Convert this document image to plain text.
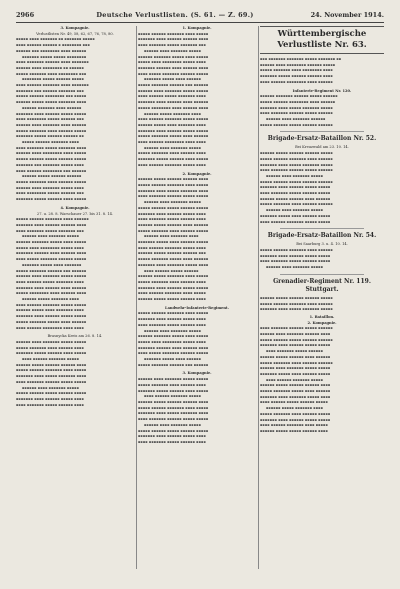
2966	Deutsche Verlustlisten. (S. 61. — Z. 69.)	24. November 1914.
3. Kompagnie.
Verlustlisten Nr. 49, 58, 62, 67, 76, 78, 80.
▪▪▪▪▪ ▪▪▪▪ ▪▪▪▪▪▪▪ ▪▪ ▪▪▪▪▪▪▪ ▪▪▪▪▪
▪▪▪▪ ▪▪▪▪▪▪ ▪▪▪▪▪▪ ▪ ▪▪▪▪▪▪▪▪ ▪▪▪
▪▪▪▪▪▪ ▪▪▪ ▪▪▪▪▪▪▪▪ ▪▪▪▪ ▪▪▪▪▪▪
▪▪▪▪▪▪▪ ▪▪▪▪▪ ▪▪▪▪▪ ▪▪▪▪▪▪▪▪
▪▪▪▪ ▪▪▪▪▪▪▪ ▪▪▪▪▪▪ ▪▪▪▪ ▪▪▪▪▪▪▪
▪▪▪▪▪▪ ▪▪▪▪ ▪▪▪▪▪▪▪▪ ▪▪ ▪▪▪▪▪▪
▪▪▪▪▪ ▪▪▪▪▪▪▪ ▪▪▪▪ ▪▪▪▪▪▪▪▪ ▪▪▪
▪▪▪▪▪▪▪▪ ▪▪▪▪▪ ▪▪▪▪▪▪ ▪▪▪▪▪
▪▪▪▪ ▪▪▪▪▪▪ ▪▪▪▪▪▪▪ ▪▪▪▪ ▪▪▪▪▪▪▪
▪▪▪▪▪▪▪ ▪▪▪ ▪▪▪▪▪▪ ▪▪▪▪▪▪▪ ▪▪▪
▪▪▪▪▪ ▪▪▪▪▪▪ ▪▪▪▪▪▪▪▪ ▪▪▪ ▪▪▪▪▪
▪▪▪▪▪▪ ▪▪▪▪▪ ▪▪▪▪▪ ▪▪▪▪▪▪▪ ▪▪▪▪
▪▪▪▪▪▪ ▪▪▪▪▪▪▪ ▪▪▪▪ ▪▪▪▪▪▪
▪▪▪▪▪▪▪ ▪▪▪▪ ▪▪▪▪▪▪ ▪▪▪▪▪ ▪▪▪▪▪
▪▪▪▪ ▪▪▪▪▪▪▪▪ ▪▪▪▪▪ ▪▪▪▪▪▪ ▪▪▪
▪▪▪▪▪▪ ▪▪▪▪ ▪▪▪▪▪▪▪ ▪▪▪▪ ▪▪▪▪▪▪
▪▪▪▪▪ ▪▪▪▪▪▪▪ ▪▪▪▪ ▪▪▪▪▪▪ ▪▪▪▪▪
▪▪▪▪▪▪▪ ▪▪▪▪▪ ▪▪▪▪▪▪ ▪▪▪▪▪▪ ▪▪
▪▪▪▪▪ ▪▪▪▪▪▪ ▪▪▪▪▪▪▪ ▪▪▪▪
▪▪▪▪ ▪▪▪▪▪▪▪ ▪▪▪▪▪ ▪▪▪▪▪▪▪ ▪▪▪▪
▪▪▪▪▪▪ ▪▪▪▪ ▪▪▪▪▪▪▪▪ ▪▪▪▪ ▪▪▪▪▪
▪▪▪▪▪ ▪▪▪▪▪▪ ▪▪▪▪▪ ▪▪▪▪▪▪ ▪▪▪▪▪
▪▪▪▪▪▪▪ ▪▪▪ ▪▪▪▪▪▪▪ ▪▪▪▪▪ ▪▪▪▪
▪▪▪▪ ▪▪▪▪▪▪ ▪▪▪▪▪▪▪▪ ▪▪▪ ▪▪▪▪▪▪
▪▪▪▪▪▪ ▪▪▪▪▪ ▪▪▪▪▪▪ ▪▪▪▪▪▪
▪▪▪▪▪ ▪▪▪▪▪▪▪ ▪▪▪▪ ▪▪▪▪▪▪ ▪▪▪▪▪
▪▪▪▪▪▪ ▪▪▪▪ ▪▪▪▪▪▪▪ ▪▪▪▪▪ ▪▪▪▪
▪▪▪▪ ▪▪▪▪▪▪▪▪ ▪▪▪▪▪ ▪▪▪▪▪▪ ▪▪▪
▪▪▪▪▪▪▪ ▪▪▪▪▪ ▪▪▪▪▪▪ ▪▪▪▪ ▪▪▪▪▪
4. Kompagnie.
27. u. 28. 8. Warschauer 27. bis 31. 8. 14.
▪▪▪▪▪ ▪▪▪▪▪▪ ▪▪▪▪▪▪▪ ▪▪▪▪ ▪▪▪▪▪▪
▪▪▪▪▪▪▪ ▪▪▪▪ ▪▪▪▪▪▪ ▪▪▪▪▪▪ ▪▪▪▪
▪▪▪▪ ▪▪▪▪▪▪▪ ▪▪▪▪▪ ▪▪▪▪▪▪▪ ▪▪▪
▪▪▪▪▪▪ ▪▪▪▪ ▪▪▪▪▪▪▪ ▪▪▪▪▪
▪▪▪▪▪▪ ▪▪▪▪▪▪▪ ▪▪▪▪▪ ▪▪▪▪ ▪▪▪▪▪
▪▪▪▪▪ ▪▪▪▪ ▪▪▪▪▪▪▪▪ ▪▪▪▪▪ ▪▪▪▪
▪▪▪▪▪▪▪ ▪▪▪▪▪▪ ▪▪▪▪ ▪▪▪▪▪▪ ▪▪▪▪
▪▪▪▪ ▪▪▪▪▪ ▪▪▪▪▪▪▪ ▪▪▪▪▪▪ ▪▪▪▪▪
▪▪▪▪▪▪▪ ▪▪▪▪▪ ▪▪▪▪ ▪▪▪▪▪▪▪
▪▪▪▪▪ ▪▪▪▪▪▪▪ ▪▪▪▪▪▪ ▪▪▪ ▪▪▪▪▪▪
▪▪▪▪▪▪ ▪▪▪▪ ▪▪▪▪▪▪▪ ▪▪▪▪▪ ▪▪▪▪▪
▪▪▪▪ ▪▪▪▪▪▪ ▪▪▪▪▪ ▪▪▪▪▪▪▪ ▪▪▪▪
▪▪▪▪▪▪▪ ▪▪▪▪ ▪▪▪▪▪▪ ▪▪▪▪ ▪▪▪▪▪▪
▪▪▪▪▪ ▪▪▪▪▪▪▪▪ ▪▪▪▪ ▪▪▪▪▪▪ ▪▪▪▪
▪▪▪▪▪▪ ▪▪▪▪▪ ▪▪▪▪▪▪▪ ▪▪▪▪
▪▪▪▪ ▪▪▪▪▪▪ ▪▪▪▪▪▪▪ ▪▪▪▪▪ ▪▪▪▪▪
▪▪▪▪▪▪ ▪▪▪▪▪ ▪▪▪▪ ▪▪▪▪▪▪▪ ▪▪▪▪
▪▪▪▪▪▪▪ ▪▪▪▪ ▪▪▪▪▪▪ ▪▪▪▪▪ ▪▪▪▪▪
▪▪▪▪▪ ▪▪▪▪▪▪▪ ▪▪▪▪▪ ▪▪▪▪ ▪▪▪▪▪▪
▪▪▪▪ ▪▪▪▪▪▪ ▪▪▪▪▪▪▪▪ ▪▪▪▪ ▪▪▪▪
Brasnycka Kreis am 26. 8. 14.
▪▪▪▪▪▪ ▪▪▪▪ ▪▪▪▪▪▪▪ ▪▪▪▪▪ ▪▪▪▪▪
▪▪▪▪▪ ▪▪▪▪▪▪▪ ▪▪▪▪ ▪▪▪▪▪▪ ▪▪▪▪
▪▪▪▪▪▪▪ ▪▪▪▪▪ ▪▪▪▪▪▪ ▪▪▪▪ ▪▪▪▪▪
▪▪▪▪ ▪▪▪▪▪▪ ▪▪▪▪▪▪▪ ▪▪▪▪▪
▪▪▪▪▪▪ ▪▪▪▪▪ ▪▪▪▪▪▪ ▪▪▪▪▪▪ ▪▪▪▪
▪▪▪▪▪ ▪▪▪▪▪▪ ▪▪▪▪▪▪▪ ▪▪▪▪ ▪▪▪▪▪
▪▪▪▪▪▪▪ ▪▪▪▪ ▪▪▪▪▪ ▪▪▪▪▪▪▪ ▪▪▪▪
▪▪▪▪ ▪▪▪▪▪▪▪ ▪▪▪▪▪▪ ▪▪▪▪▪ ▪▪▪▪▪
▪▪▪▪▪▪ ▪▪▪▪ ▪▪▪▪▪▪▪ ▪▪▪▪▪
▪▪▪▪▪ ▪▪▪▪▪▪ ▪▪▪▪▪ ▪▪▪▪▪▪ ▪▪▪▪▪
▪▪▪▪▪▪▪ ▪▪▪▪ ▪▪▪▪▪▪ ▪▪▪▪▪ ▪▪▪▪
▪▪▪▪ ▪▪▪▪▪▪▪ ▪▪▪▪▪ ▪▪▪▪▪▪ ▪▪▪▪
1. Kompagnie.
▪▪▪▪▪ ▪▪▪▪▪▪ ▪▪▪▪▪▪▪ ▪▪▪▪ ▪▪▪▪▪
▪▪▪▪▪▪▪ ▪▪▪▪ ▪▪▪▪▪▪ ▪▪▪▪▪▪ ▪▪▪▪
▪▪▪▪ ▪▪▪▪▪▪▪ ▪▪▪▪▪ ▪▪▪▪▪▪▪ ▪▪▪
▪▪▪▪▪▪ ▪▪▪▪ ▪▪▪▪▪▪▪ ▪▪▪▪▪
▪▪▪▪▪▪ ▪▪▪▪▪▪▪ ▪▪▪▪▪ ▪▪▪▪ ▪▪▪▪▪
▪▪▪▪▪ ▪▪▪▪ ▪▪▪▪▪▪▪▪ ▪▪▪▪▪ ▪▪▪▪
▪▪▪▪▪▪▪ ▪▪▪▪▪▪ ▪▪▪▪ ▪▪▪▪▪▪ ▪▪▪▪
▪▪▪▪ ▪▪▪▪▪ ▪▪▪▪▪▪▪ ▪▪▪▪▪▪ ▪▪▪▪▪
▪▪▪▪▪▪▪ ▪▪▪▪▪ ▪▪▪▪ ▪▪▪▪▪▪
▪▪▪▪▪ ▪▪▪▪▪▪▪ ▪▪▪▪▪▪ ▪▪▪ ▪▪▪▪▪▪
▪▪▪▪▪▪ ▪▪▪▪ ▪▪▪▪▪▪▪ ▪▪▪▪▪ ▪▪▪▪▪
▪▪▪▪ ▪▪▪▪▪▪ ▪▪▪▪▪ ▪▪▪▪▪▪▪ ▪▪▪▪
▪▪▪▪▪▪▪ ▪▪▪▪ ▪▪▪▪▪▪ ▪▪▪▪ ▪▪▪▪▪▪
▪▪▪▪▪ ▪▪▪▪▪▪▪▪ ▪▪▪▪ ▪▪▪▪▪▪ ▪▪▪▪
▪▪▪▪▪▪ ▪▪▪▪▪ ▪▪▪▪▪▪▪ ▪▪▪▪
▪▪▪▪ ▪▪▪▪▪▪ ▪▪▪▪▪▪▪ ▪▪▪▪▪ ▪▪▪▪▪
▪▪▪▪▪▪ ▪▪▪▪▪ ▪▪▪▪ ▪▪▪▪▪▪▪ ▪▪▪▪
▪▪▪▪▪▪▪ ▪▪▪▪ ▪▪▪▪▪▪ ▪▪▪▪▪ ▪▪▪▪▪
▪▪▪▪▪ ▪▪▪▪▪▪▪ ▪▪▪▪▪ ▪▪▪▪ ▪▪▪▪▪▪
▪▪▪▪ ▪▪▪▪▪▪ ▪▪▪▪▪▪▪▪ ▪▪▪▪ ▪▪▪▪
▪▪▪▪▪▪ ▪▪▪▪ ▪▪▪▪▪▪▪ ▪▪▪▪▪
▪▪▪▪▪ ▪▪▪▪▪▪▪ ▪▪▪▪ ▪▪▪▪▪▪ ▪▪▪▪
▪▪▪▪▪▪▪ ▪▪▪▪▪ ▪▪▪▪▪▪ ▪▪▪▪ ▪▪▪▪▪
▪▪▪▪ ▪▪▪▪▪▪ ▪▪▪▪▪▪▪ ▪▪▪▪▪ ▪▪▪▪
2. Kompagnie.
▪▪▪▪▪▪ ▪▪▪▪▪ ▪▪▪▪▪▪ ▪▪▪▪▪▪ ▪▪▪▪
▪▪▪▪▪ ▪▪▪▪▪▪ ▪▪▪▪▪▪▪ ▪▪▪▪ ▪▪▪▪▪
▪▪▪▪▪▪▪ ▪▪▪▪ ▪▪▪▪▪ ▪▪▪▪▪▪▪ ▪▪▪▪
▪▪▪▪ ▪▪▪▪▪▪▪ ▪▪▪▪▪▪ ▪▪▪▪▪ ▪▪▪▪▪
▪▪▪▪▪▪ ▪▪▪▪ ▪▪▪▪▪▪▪ ▪▪▪▪▪
▪▪▪▪▪ ▪▪▪▪▪▪ ▪▪▪▪▪ ▪▪▪▪▪▪ ▪▪▪▪▪
▪▪▪▪▪▪▪ ▪▪▪▪ ▪▪▪▪▪▪ ▪▪▪▪▪ ▪▪▪▪
▪▪▪▪ ▪▪▪▪▪▪▪ ▪▪▪▪▪ ▪▪▪▪▪▪ ▪▪▪▪
▪▪▪▪▪▪ ▪▪▪▪▪ ▪▪▪▪▪▪ ▪▪▪▪ ▪▪▪▪▪▪
▪▪▪▪▪ ▪▪▪▪▪▪▪ ▪▪▪▪ ▪▪▪▪▪▪ ▪▪▪▪▪
▪▪▪▪▪▪ ▪▪▪▪ ▪▪▪▪▪▪▪ ▪▪▪▪
▪▪▪▪▪▪▪ ▪▪▪▪▪ ▪▪▪▪ ▪▪▪▪▪▪ ▪▪▪▪▪
▪▪▪▪ ▪▪▪▪▪▪ ▪▪▪▪▪▪▪ ▪▪▪▪▪ ▪▪▪▪
▪▪▪▪▪▪ ▪▪▪▪▪ ▪▪▪▪▪▪ ▪▪▪▪▪▪ ▪▪▪
▪▪▪▪▪ ▪▪▪▪▪▪▪ ▪▪▪▪▪ ▪▪▪▪ ▪▪▪▪▪▪
▪▪▪▪▪▪▪ ▪▪▪▪ ▪▪▪▪▪▪▪ ▪▪▪▪▪ ▪▪▪▪
▪▪▪▪ ▪▪▪▪▪▪ ▪▪▪▪▪ ▪▪▪▪▪▪
▪▪▪▪▪▪ ▪▪▪▪▪ ▪▪▪▪▪▪▪ ▪▪▪▪ ▪▪▪▪▪
▪▪▪▪▪ ▪▪▪▪▪▪▪ ▪▪▪▪ ▪▪▪▪▪▪ ▪▪▪▪
▪▪▪▪▪▪▪ ▪▪▪▪ ▪▪▪▪▪▪ ▪▪▪▪▪ ▪▪▪▪▪
▪▪▪▪ ▪▪▪▪▪▪ ▪▪▪▪▪▪▪ ▪▪▪▪ ▪▪▪▪▪
▪▪▪▪▪▪ ▪▪▪▪▪ ▪▪▪▪▪ ▪▪▪▪▪▪ ▪▪▪▪
Landwehr-Infanterie-Regiment.
▪▪▪▪▪ ▪▪▪▪▪▪ ▪▪▪▪▪▪▪ ▪▪▪▪ ▪▪▪▪▪
▪▪▪▪▪▪▪ ▪▪▪▪ ▪▪▪▪▪▪ ▪▪▪▪▪ ▪▪▪▪
▪▪▪▪ ▪▪▪▪▪▪▪ ▪▪▪▪▪ ▪▪▪▪▪▪ ▪▪▪▪
▪▪▪▪▪▪ ▪▪▪▪ ▪▪▪▪▪▪▪ ▪▪▪▪▪
▪▪▪▪▪▪ ▪▪▪▪▪▪▪ ▪▪▪▪▪ ▪▪▪▪ ▪▪▪▪▪
▪▪▪▪▪ ▪▪▪▪ ▪▪▪▪▪▪▪▪ ▪▪▪▪▪ ▪▪▪▪
▪▪▪▪▪▪▪ ▪▪▪▪▪▪ ▪▪▪▪ ▪▪▪▪▪▪ ▪▪▪▪
▪▪▪▪ ▪▪▪▪▪ ▪▪▪▪▪▪▪ ▪▪▪▪▪▪ ▪▪▪▪▪
▪▪▪▪▪▪▪ ▪▪▪▪▪ ▪▪▪▪ ▪▪▪▪▪▪
▪▪▪▪▪ ▪▪▪▪▪▪▪ ▪▪▪▪▪▪ ▪▪▪ ▪▪▪▪▪▪
3. Kompagnie.
▪▪▪▪▪▪ ▪▪▪▪ ▪▪▪▪▪▪▪ ▪▪▪▪▪ ▪▪▪▪▪
▪▪▪▪▪ ▪▪▪▪▪▪▪ ▪▪▪▪ ▪▪▪▪▪▪ ▪▪▪▪
▪▪▪▪▪▪▪ ▪▪▪▪▪ ▪▪▪▪▪▪ ▪▪▪▪ ▪▪▪▪▪
▪▪▪▪ ▪▪▪▪▪▪ ▪▪▪▪▪▪▪ ▪▪▪▪▪
▪▪▪▪▪▪ ▪▪▪▪▪ ▪▪▪▪▪▪ ▪▪▪▪▪▪ ▪▪▪▪
▪▪▪▪▪ ▪▪▪▪▪▪ ▪▪▪▪▪▪▪ ▪▪▪▪ ▪▪▪▪▪
▪▪▪▪▪▪▪ ▪▪▪▪ ▪▪▪▪▪ ▪▪▪▪▪▪▪ ▪▪▪▪
▪▪▪▪ ▪▪▪▪▪▪▪ ▪▪▪▪▪▪ ▪▪▪▪▪ ▪▪▪▪▪
▪▪▪▪▪▪ ▪▪▪▪ ▪▪▪▪▪▪▪ ▪▪▪▪▪
▪▪▪▪▪ ▪▪▪▪▪▪ ▪▪▪▪▪ ▪▪▪▪▪▪ ▪▪▪▪▪
▪▪▪▪▪▪▪ ▪▪▪▪ ▪▪▪▪▪▪ ▪▪▪▪▪ ▪▪▪▪
▪▪▪▪ ▪▪▪▪▪▪▪ ▪▪▪▪▪ ▪▪▪▪▪▪ ▪▪▪▪
Württembergische Verlustliste Nr. 63.
▪▪▪ ▪▪▪▪▪▪▪ ▪▪▪▪▪▪▪ ▪▪▪▪▪ ▪▪▪▪▪▪▪ ▪▪
▪▪▪▪▪▪ ▪▪▪▪ ▪▪▪▪▪▪▪▪ ▪▪▪▪▪▪ ▪▪▪▪▪
▪▪▪▪▪ ▪▪▪▪▪▪▪ ▪▪▪▪ ▪▪▪▪▪▪▪▪ ▪▪▪▪
▪▪▪▪▪▪▪ ▪▪▪▪▪ ▪▪▪▪▪▪ ▪▪▪▪▪▪ ▪▪▪▪
▪▪▪▪ ▪▪▪▪▪▪ ▪▪▪▪▪▪▪▪ ▪▪▪▪ ▪▪▪▪▪▪
Infanterie-Regiment Nr. 120.
▪▪▪▪▪▪ ▪▪▪▪▪▪▪ ▪▪▪▪▪▪ ▪▪▪▪▪ ▪▪▪▪▪▪
▪▪▪▪▪ ▪▪▪▪▪▪ ▪▪▪▪▪▪▪▪ ▪▪▪▪ ▪▪▪▪▪▪
▪▪▪▪▪▪▪ ▪▪▪▪ ▪▪▪▪▪ ▪▪▪▪▪▪▪ ▪▪▪▪▪
▪▪▪▪ ▪▪▪▪▪▪▪ ▪▪▪▪▪▪ ▪▪▪▪▪ ▪▪▪▪▪▪
▪▪▪▪▪▪ ▪▪▪▪ ▪▪▪▪▪▪▪ ▪▪▪▪▪▪
▪▪▪▪▪ ▪▪▪▪▪▪ ▪▪▪▪▪ ▪▪▪▪▪▪ ▪▪▪▪▪▪
Brigade-Ersatz-Bataillon Nr. 52.
Bei Kreuzwald am 23. 10. 14.
▪▪▪▪▪▪ ▪▪▪▪▪ ▪▪▪▪▪▪ ▪▪▪▪▪▪ ▪▪▪▪▪
▪▪▪▪▪ ▪▪▪▪▪▪ ▪▪▪▪▪▪▪ ▪▪▪▪ ▪▪▪▪▪▪
▪▪▪▪▪▪▪ ▪▪▪▪ ▪▪▪▪▪ ▪▪▪▪▪▪▪ ▪▪▪▪▪
▪▪▪▪ ▪▪▪▪▪▪▪ ▪▪▪▪▪▪ ▪▪▪▪▪ ▪▪▪▪▪▪
▪▪▪▪▪▪ ▪▪▪▪ ▪▪▪▪▪▪▪ ▪▪▪▪▪
▪▪▪▪▪ ▪▪▪▪▪▪ ▪▪▪▪▪ ▪▪▪▪▪▪ ▪▪▪▪▪▪
▪▪▪▪▪▪▪ ▪▪▪▪ ▪▪▪▪▪▪ ▪▪▪▪▪ ▪▪▪▪▪
▪▪▪▪ ▪▪▪▪▪▪▪ ▪▪▪▪▪ ▪▪▪▪▪▪ ▪▪▪▪▪
▪▪▪▪▪▪ ▪▪▪▪▪ ▪▪▪▪▪▪ ▪▪▪▪ ▪▪▪▪▪▪
▪▪▪▪▪ ▪▪▪▪▪▪▪ ▪▪▪▪ ▪▪▪▪▪▪ ▪▪▪▪▪▪
▪▪▪▪▪▪ ▪▪▪▪ ▪▪▪▪▪▪▪ ▪▪▪▪▪
▪▪▪▪▪▪▪ ▪▪▪▪▪ ▪▪▪▪ ▪▪▪▪▪▪ ▪▪▪▪▪
▪▪▪▪ ▪▪▪▪▪▪ ▪▪▪▪▪▪▪ ▪▪▪▪▪ ▪▪▪▪▪
Brigade-Ersatz-Bataillon Nr. 54.
Bei Saarburg 3. u. 4. 10. 14.
▪▪▪▪▪ ▪▪▪▪▪▪ ▪▪▪▪▪▪▪ ▪▪▪▪ ▪▪▪▪▪▪
▪▪▪▪▪▪▪ ▪▪▪▪ ▪▪▪▪▪▪ ▪▪▪▪▪ ▪▪▪▪▪
▪▪▪▪ ▪▪▪▪▪▪▪ ▪▪▪▪▪ ▪▪▪▪▪▪ ▪▪▪▪▪
▪▪▪▪▪▪ ▪▪▪▪ ▪▪▪▪▪▪▪ ▪▪▪▪▪
Grenadier-Regiment Nr. 119. Stuttgart.
▪▪▪▪▪▪ ▪▪▪▪▪ ▪▪▪▪▪▪ ▪▪▪▪▪▪ ▪▪▪▪▪
▪▪▪▪▪ ▪▪▪▪▪▪ ▪▪▪▪▪▪▪ ▪▪▪▪ ▪▪▪▪▪▪
▪▪▪▪▪▪▪ ▪▪▪▪ ▪▪▪▪▪ ▪▪▪▪▪▪▪ ▪▪▪▪▪
1. Bataillon.
2. Kompagnie.
▪▪▪▪ ▪▪▪▪▪▪▪ ▪▪▪▪▪▪ ▪▪▪▪▪ ▪▪▪▪▪▪
▪▪▪▪▪▪ ▪▪▪▪ ▪▪▪▪▪▪▪ ▪▪▪▪▪▪ ▪▪▪▪
▪▪▪▪▪ ▪▪▪▪▪▪ ▪▪▪▪▪ ▪▪▪▪▪▪ ▪▪▪▪▪▪
▪▪▪▪▪▪▪ ▪▪▪▪ ▪▪▪▪▪▪ ▪▪▪▪▪ ▪▪▪▪▪
▪▪▪▪ ▪▪▪▪▪▪▪ ▪▪▪▪▪ ▪▪▪▪▪▪
▪▪▪▪▪▪ ▪▪▪▪▪ ▪▪▪▪▪▪ ▪▪▪▪ ▪▪▪▪▪▪
▪▪▪▪▪ ▪▪▪▪▪▪▪ ▪▪▪▪ ▪▪▪▪▪▪ ▪▪▪▪▪▪
▪▪▪▪▪▪ ▪▪▪▪ ▪▪▪▪▪▪▪ ▪▪▪▪▪ ▪▪▪▪▪
▪▪▪▪▪▪▪ ▪▪▪▪▪ ▪▪▪▪ ▪▪▪▪▪▪ ▪▪▪▪▪
▪▪▪▪ ▪▪▪▪▪▪ ▪▪▪▪▪▪▪ ▪▪▪▪▪
▪▪▪▪▪▪ ▪▪▪▪▪ ▪▪▪▪▪▪ ▪▪▪▪▪▪ ▪▪▪▪
▪▪▪▪▪ ▪▪▪▪▪▪▪ ▪▪▪▪▪ ▪▪▪▪ ▪▪▪▪▪▪
▪▪▪▪▪▪▪ ▪▪▪▪ ▪▪▪▪▪▪▪ ▪▪▪▪▪ ▪▪▪▪
▪▪▪▪ ▪▪▪▪▪▪ ▪▪▪▪▪ ▪▪▪▪▪▪ ▪▪▪▪▪
▪▪▪▪▪▪ ▪▪▪▪▪ ▪▪▪▪▪▪▪ ▪▪▪▪
▪▪▪▪▪ ▪▪▪▪▪▪▪ ▪▪▪▪ ▪▪▪▪▪▪ ▪▪▪▪▪
▪▪▪▪▪▪▪ ▪▪▪▪ ▪▪▪▪▪▪ ▪▪▪▪▪ ▪▪▪▪▪
▪▪▪▪ ▪▪▪▪▪▪ ▪▪▪▪▪▪▪ ▪▪▪▪ ▪▪▪▪▪
▪▪▪▪▪▪ ▪▪▪▪▪ ▪▪▪▪▪ ▪▪▪▪▪▪ ▪▪▪▪
